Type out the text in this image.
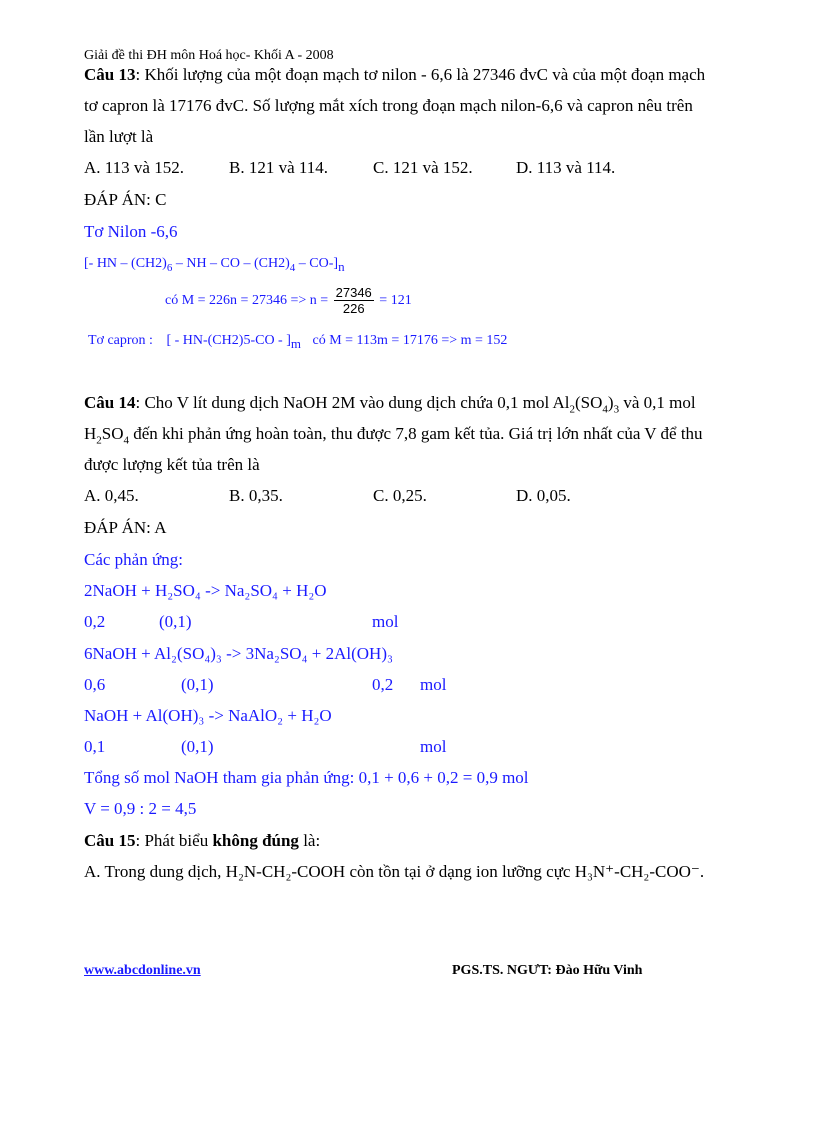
Giải đề thi ĐH môn Hoá học- Khối A - 2008
Câu 13: Khối lượng của một đoạn mạch tơ nilon - 6,6 là 27346 đvC và của một đoạn mạch
tơ capron là 17176 đvC. Số lượng mắt xích trong đoạn mạch nilon-6,6 và capron nêu trên
lần lượt là
A. 113 và 152.	B. 121 và 114.	C. 121 và 152.	D. 113 và 114.
ĐÁP ÁN: C
Tơ Nilon -6,6
[- HN – $(CH2)_6$ – NH – CO – $(CH2)_4 - CO-]_n$
có $M = 226n = 27346 => n = \frac{27346}{226} = 121$
Tơ capron : [ - $HN-(CH2)5-CO - ]_m$ có M = 113m = 17176 => m = 152
Câu 14: Cho V lít dung dịch NaOH 2M vào dung dịch chứa 0,1 mol $Al_2(SO_4)_3$ và 0,1 mol
$H_2SO_4$ đến khi phản ứng hoàn toàn, thu được 7,8 gam kết tủa. Giá trị lớn nhất của V để thu
được lượng kết tủa trên là
A. 0,45.	B. 0,35.	C. 0,25.	D. 0,05.
ĐÁP ÁN: A
Các phản ứng:
2NaOH + H₂SO₄ -> Na₂SO₄ + H₂O
0,2	(0,1)	mol
6NaOH + Al₂(SO₄)₃ -> 3Na₂SO₄ + 2Al(OH)₃
0,6	(0,1)	0,2 mol
NaOH + Al(OH)₃ -> NaAlO₂ + H₂O
0,1	(0,1)	mol
Tổng số mol NaOH tham gia phản ứng: 0,1 + 0,6 + 0,2 = 0,9 mol
V = 0,9 : 2 = 4,5
Câu 15: Phát biểu không đúng là:
A. Trong dung dịch, H₂N-CH₂-COOH còn tồn tại ở dạng ion lưỡng cực H₃N⁺-CH₂-COO⁻.
www.abcdonline.vn	PGS.TS. NGƯT: Đào Hữu Vinh
